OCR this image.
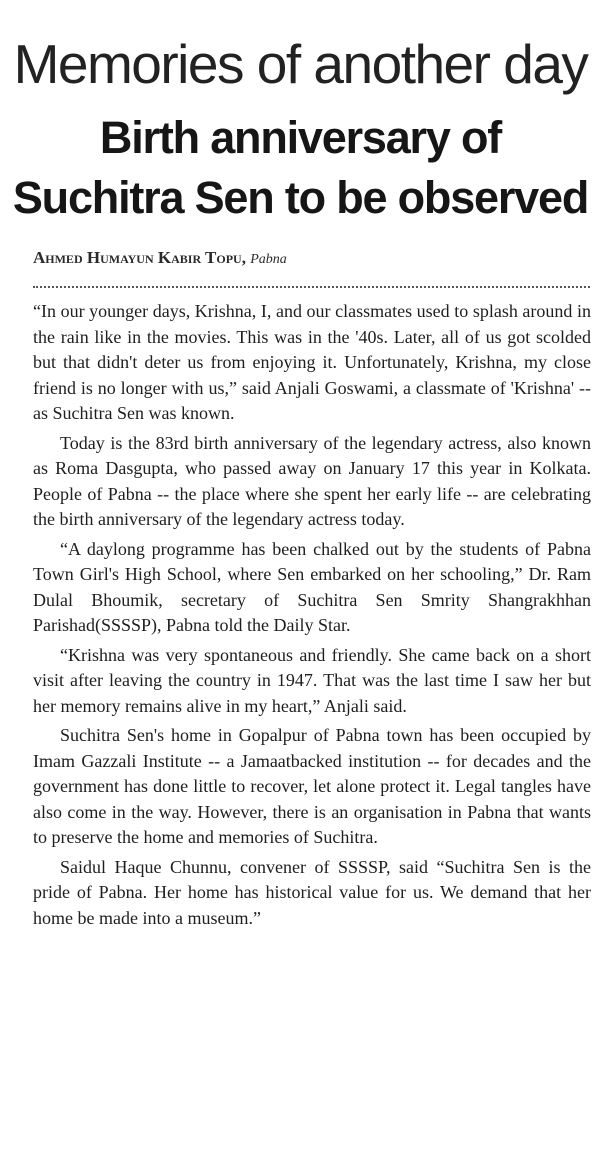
Memories of another day
Birth anniversary of
Suchitra Sen to be observed
Ahmed Humayun Kabir Topu, Pabna

“In our younger days, Krishna, I, and our classmates used to splash around in the rain like in the movies. This was in the '40s. Later, all of us got scolded but that didn't deter us from enjoying it. Unfortunately, Krishna, my close friend is no longer with us,” said Anjali Goswami, a classmate of 'Krishna' -- as Suchitra Sen was known.

Today is the 83rd birth anniversary of the legendary actress, also known as Roma Dasgupta, who passed away on January 17 this year in Kolkata. People of Pabna -- the place where she spent her early life -- are celebrating the birth anniversary of the legendary actress today.

“A daylong programme has been chalked out by the students of Pabna Town Girl's High School, where Sen embarked on her schooling,” Dr. Ram Dulal Bhoumik, secretary of Suchitra Sen Smrity Shangrakhhan Parishad(SSSSP), Pabna told the Daily Star.

“Krishna was very spontaneous and friendly. She came back on a short visit after leaving the country in 1947. That was the last time I saw her but her memory remains alive in my heart,” Anjali said.

Suchitra Sen's home in Gopalpur of Pabna town has been occupied by Imam Gazzali Institute -- a Jamaatbacked institution -- for decades and the government has done little to recover, let alone protect it. Legal tangles have also come in the way. However, there is an organisation in Pabna that wants to preserve the home and memories of Suchitra.

Saidul Haque Chunnu, convener of SSSSP, said “Suchitra Sen is the pride of Pabna. Her home has historical value for us. We demand that her home be made into a museum.”
